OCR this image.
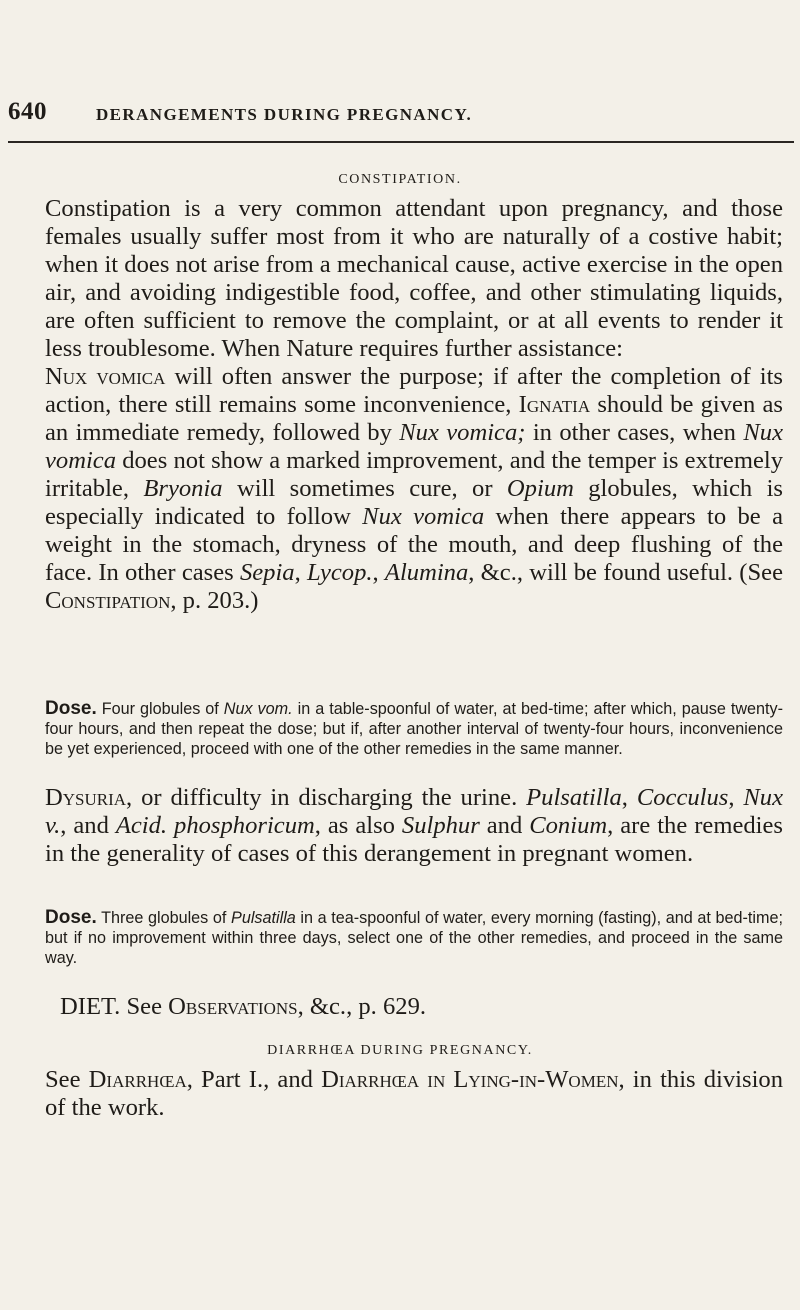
640	DERANGEMENTS DURING PREGNANCY.
CONSTIPATION.

Constipation is a very common attendant upon pregnancy, and those females usually suffer most from it who are naturally of a costive habit; when it does not arise from a mechanical cause, active exercise in the open air, and avoiding indigestible food, coffee, and other stimulating liquids, are often sufficient to remove the complaint, or at all events to render it less troublesome. When Nature requires further assistance:

Nux vomica will often answer the purpose; if after the completion of its action, there still remains some inconvenience, Ignatia should be given as an immediate remedy, followed by Nux vomica; in other cases, when Nux vomica does not show a marked improvement, and the temper is extremely irritable, Bryonia will sometimes cure, or Opium globules, which is especially indicated to follow Nux vomica when there appears to be a weight in the stomach, dryness of the mouth, and deep flushing of the face. In other cases Sepia, Lycop., Alumina, &c., will be found useful. (See Constipation, p. 203.)

Dose. Four globules of Nux vom. in a table-spoonful of water, at bed-time; after which, pause twenty-four hours, and then repeat the dose; but if, after another interval of twenty-four hours, inconvenience be yet experienced, proceed with one of the other remedies in the same manner.

Dysuria, or difficulty in discharging the urine. Pulsatilla, Cocculus, Nux v., and Acid. phosphoricum, as also Sulphur and Conium, are the remedies in the generality of cases of this derangement in pregnant women.

Dose. Three globules of Pulsatilla in a tea-spoonful of water, every morning (fasting), and at bed-time; but if no improvement within three days, select one of the other remedies, and proceed in the same way.

DIET. See Observations, &c., p. 629.

DIARRHŒA DURING PREGNANCY.

See Diarrhœa, Part I., and Diarrhœa in Lying-in-Women, in this division of the work.
